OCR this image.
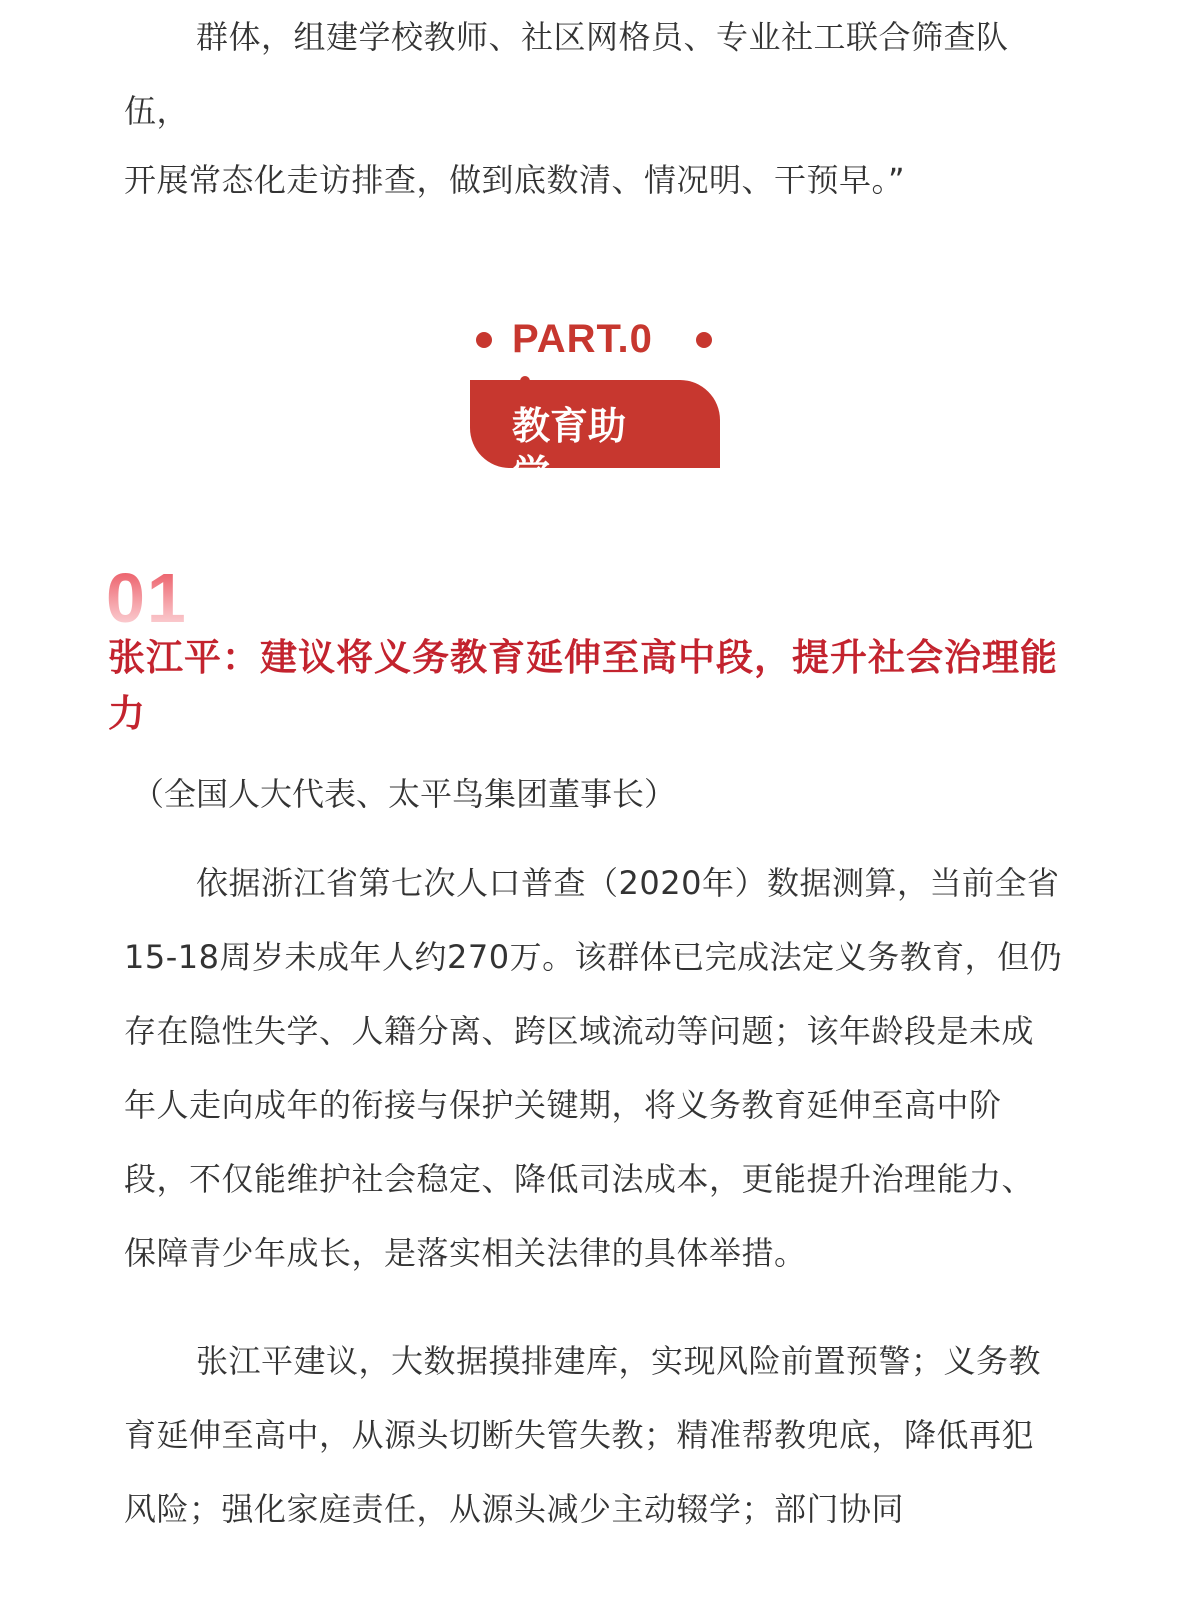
群体，组建学校教师、社区网格员、专业社工联合筛查队伍，

开展常态化走访排查，做到底数清、情况明、干预早。”

PART.0
教育助学
01
张江平：建议将义务教育延伸至高中段，提升社会治理能力
（全国人大代表、太平鸟集团董事长）

依据浙江省第七次人口普查（2020年）数据测算，当前全省15-18周岁未成年人约270万。该群体已完成法定义务教育，但仍存在隐性失学、人籍分离、跨区域流动等问题；该年龄段是未成年人走向成年的衔接与保护关键期，将义务教育延伸至高中阶段，不仅能维护社会稳定、降低司法成本，更能提升治理能力、保障青少年成长，是落实相关法律的具体举措。

张江平建议，大数据摸排建库，实现风险前置预警；义务教育延伸至高中，从源头切断失管失教；精准帮教兜底，降低再犯风险；强化家庭责任，从源头减少主动辍学；部门协同
